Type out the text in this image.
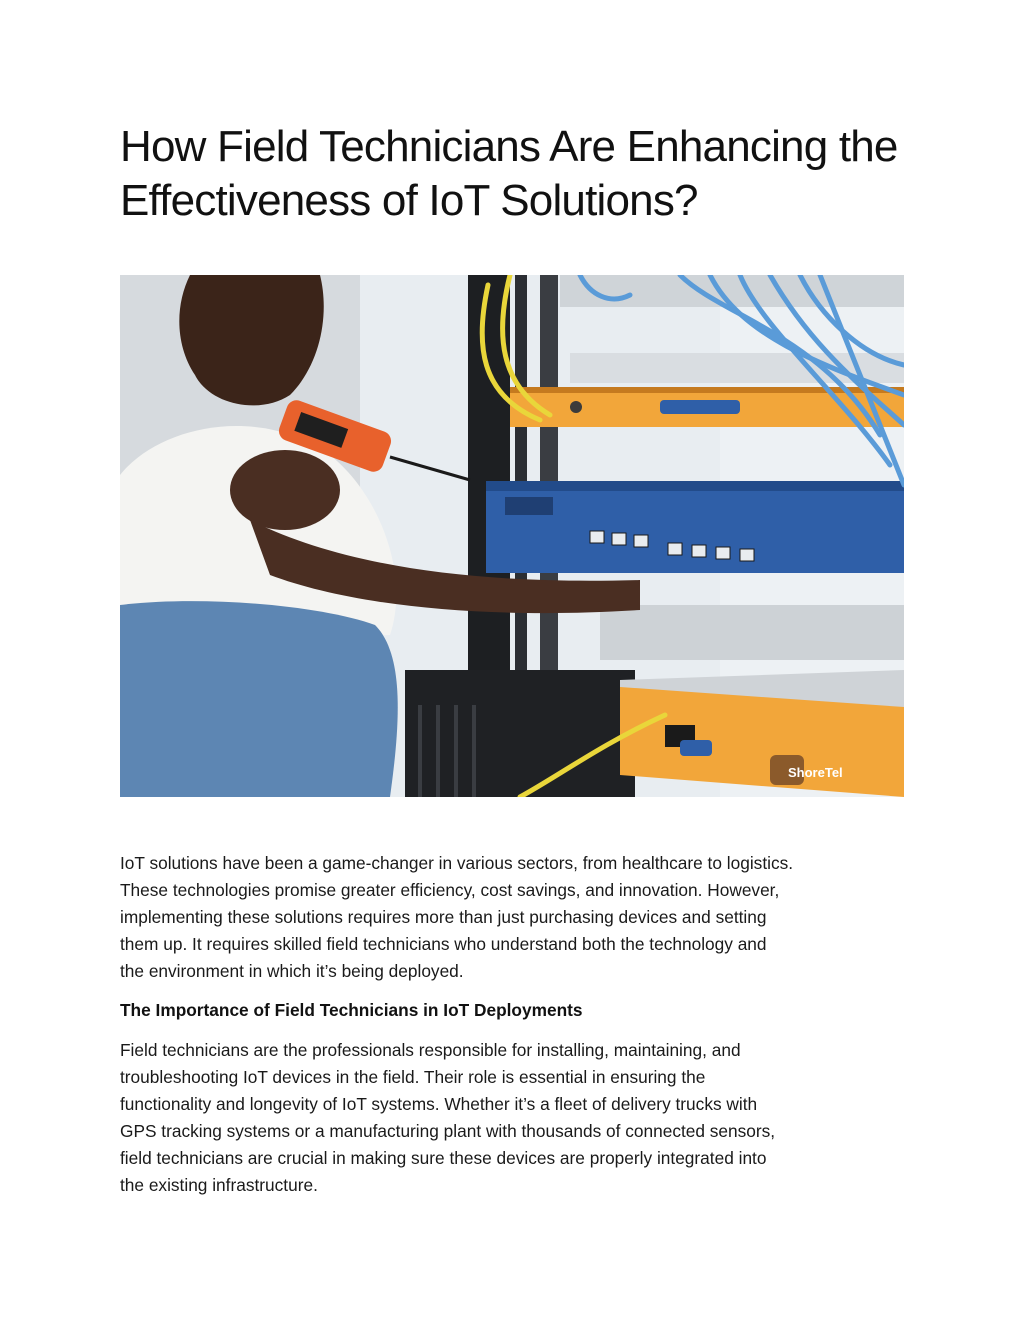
How Field Technicians Are Enhancing the Effectiveness of IoT Solutions?
ShoreTel

IoT solutions have been a game-changer in various sectors, from healthcare to logistics.
These technologies promise greater efficiency, cost savings, and innovation. However,
implementing these solutions requires more than just purchasing devices and setting
them up. It requires skilled field technicians who understand both the technology and
the environment in which it’s being deployed.

The Importance of Field Technicians in IoT Deployments

Field technicians are the professionals responsible for installing, maintaining, and
troubleshooting IoT devices in the field. Their role is essential in ensuring the
functionality and longevity of IoT systems. Whether it’s a fleet of delivery trucks with
GPS tracking systems or a manufacturing plant with thousands of connected sensors,
field technicians are crucial in making sure these devices are properly integrated into
the existing infrastructure.
